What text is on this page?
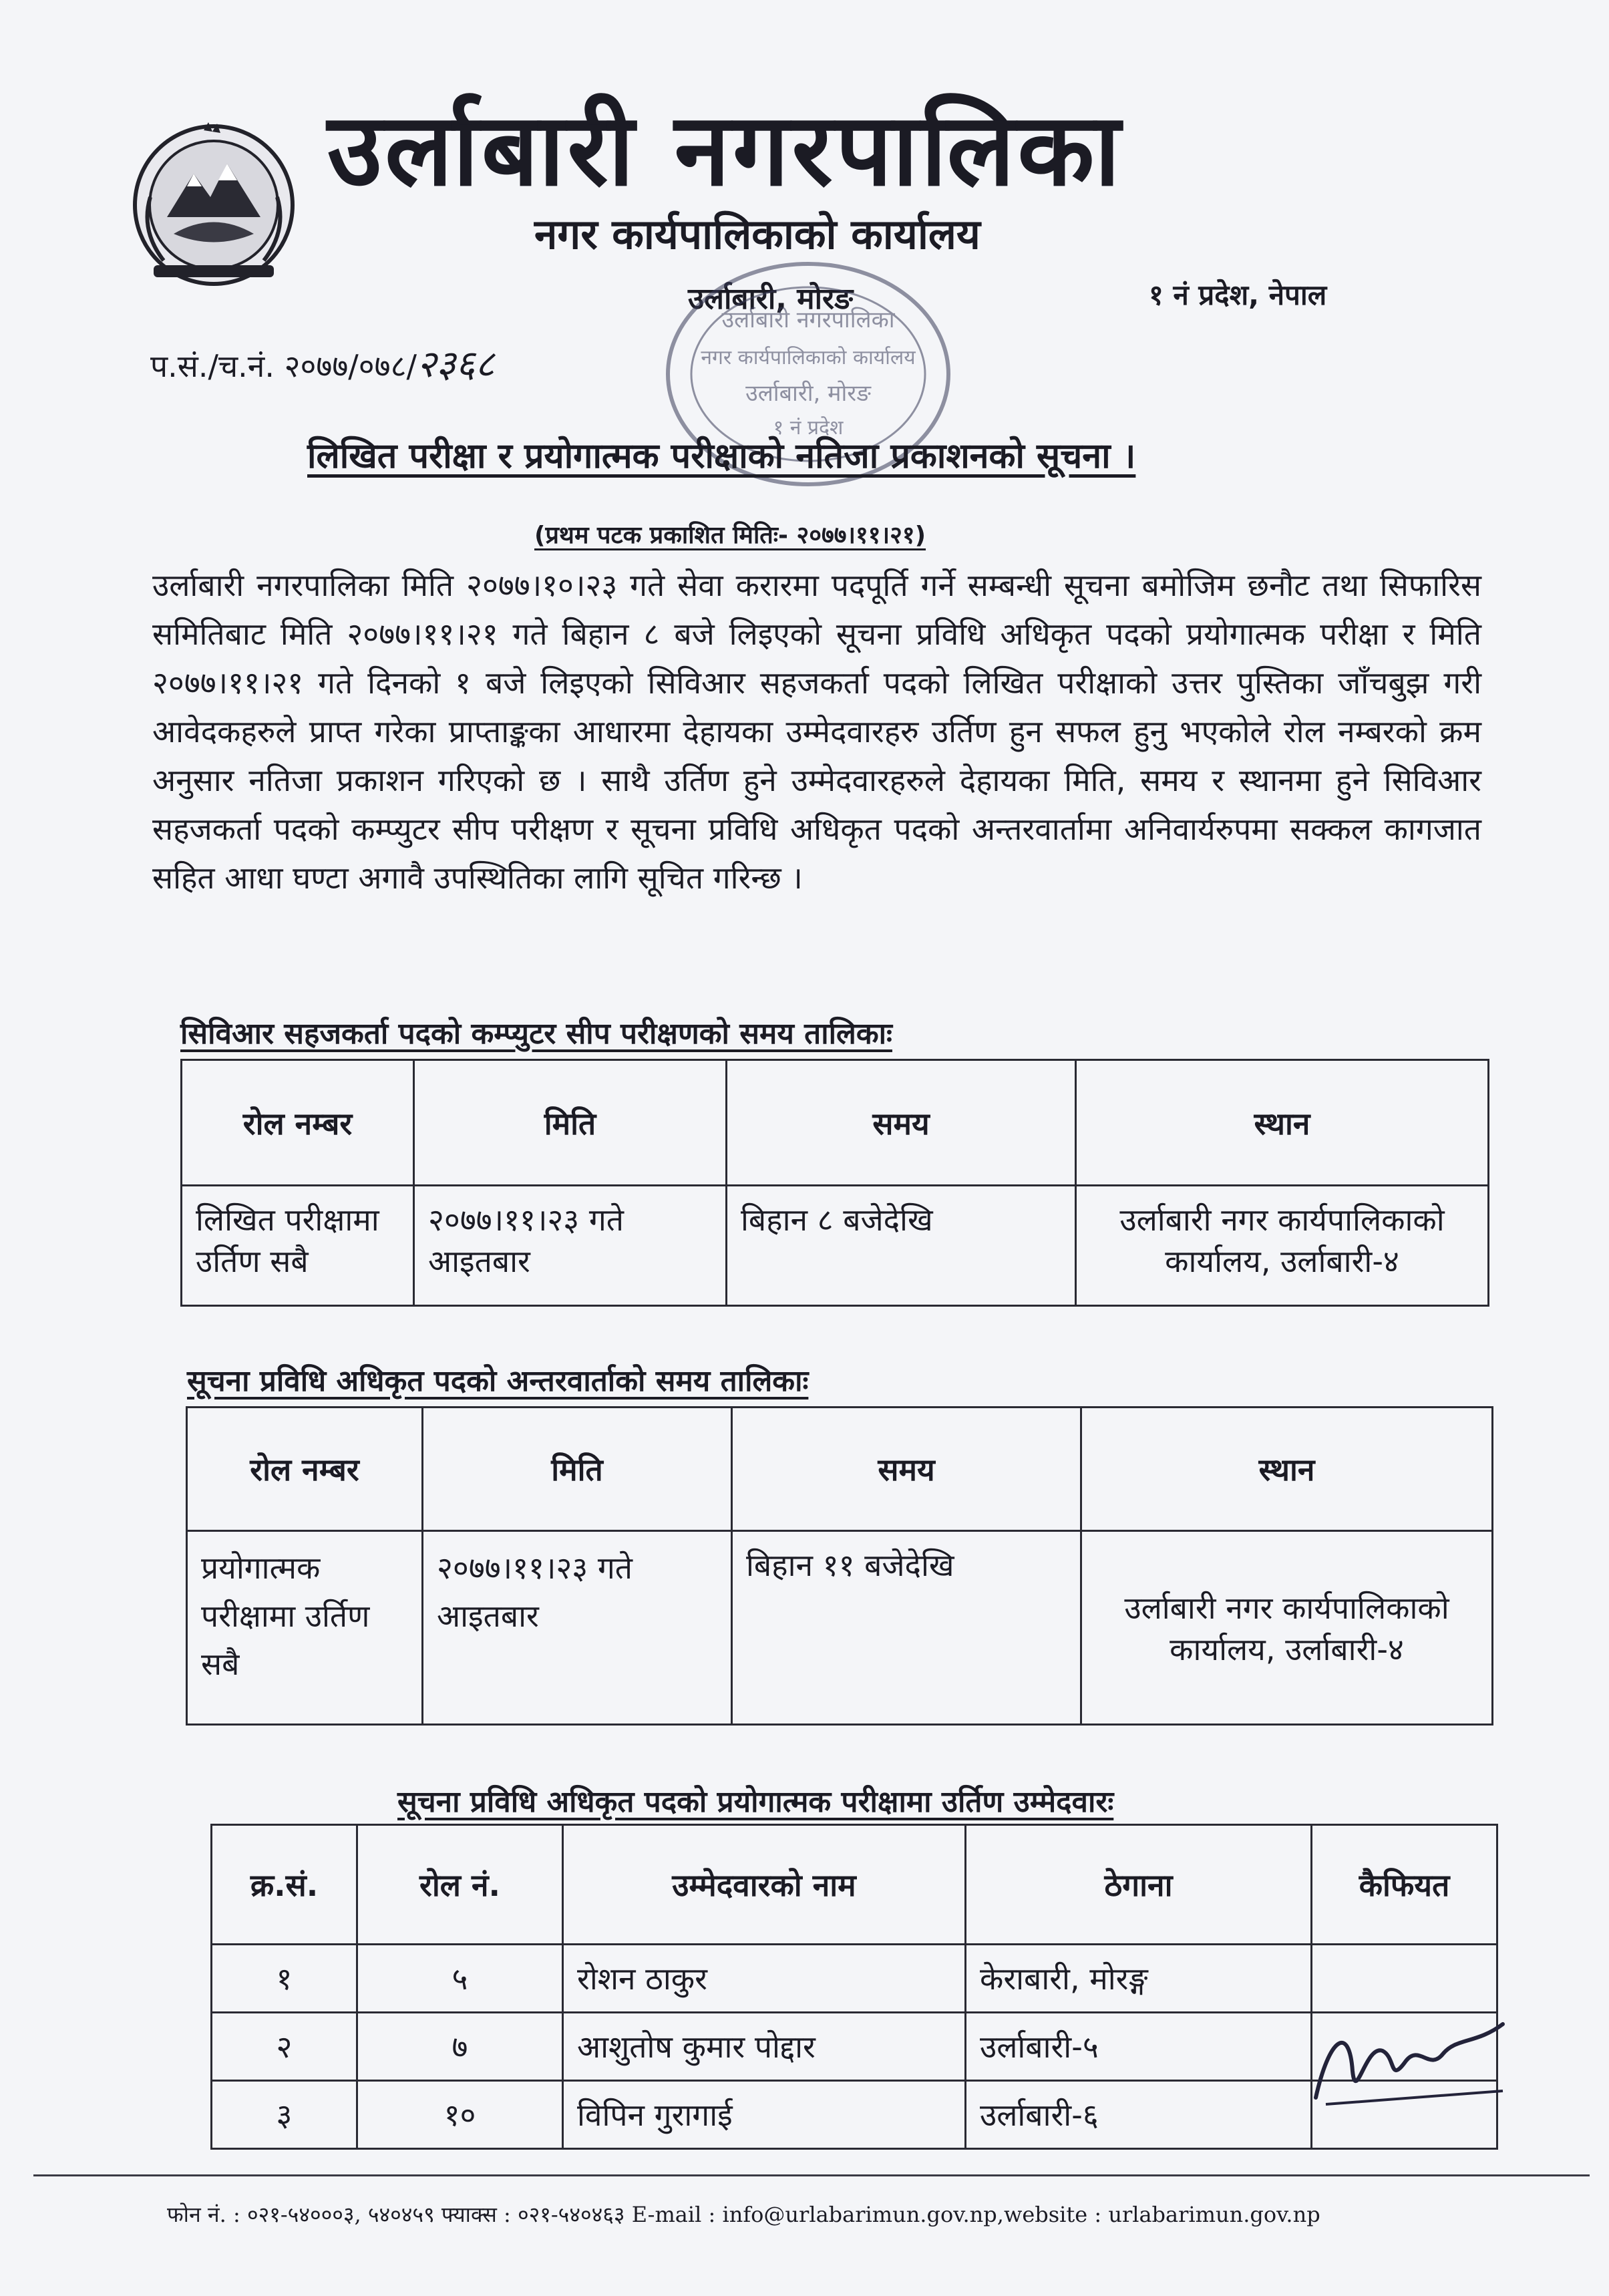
उर्लाबारी नगरपालिका
नगर कार्यपालिकाको कार्यालय
उर्लाबारी, मोरङ	१ नं प्रदेश, नेपाल
प.सं./च.नं. २०७७/०७८/२३६८
उर्लाबारी नगरपालिका
नगर कार्यपालिकाको कार्यालय
उर्लाबारी, मोरङ
१ नं प्रदेश
लिखित परीक्षा र प्रयोगात्मक परीक्षाको नतिजा प्रकाशनको सूचना ।
(प्रथम पटक प्रकाशित मितिः- २०७७।११।२१)
उर्लाबारी नगरपालिका मिति २०७७।१०।२३ गते सेवा करारमा पदपूर्ति गर्ने सम्बन्धी सूचना बमोजिम छनौट तथा सिफारिस समितिबाट मिति २०७७।११।२१ गते बिहान ८ बजे लिइएको सूचना प्रविधि अधिकृत पदको प्रयोगात्मक परीक्षा र मिति २०७७।११।२१ गते दिनको १ बजे लिइएको सिविआर सहजकर्ता पदको लिखित परीक्षाको उत्तर पुस्तिका जाँचबुझ गरी आवेदकहरुले प्राप्त गरेका प्राप्ताङ्कका आधारमा देहायका उम्मेदवारहरु उर्तिण हुन सफल हुनु भएकोले रोल नम्बरको क्रम अनुसार नतिजा प्रकाशन गरिएको छ । साथै उर्तिण हुने उम्मेदवारहरुले देहायका मिति, समय र स्थानमा हुने सिविआर सहजकर्ता पदको कम्प्युटर सीप परीक्षण र सूचना प्रविधि अधिकृत पदको अन्तरवार्तामा अनिवार्यरुपमा सक्कल कागजात सहित आधा घण्टा अगावै उपस्थितिका लागि सूचित गरिन्छ ।
सिविआर सहजकर्ता पदको कम्प्युटर सीप परीक्षणको समय तालिकाः
रोल नम्बर	मिति	समय	स्थान
लिखित परीक्षामा उर्तिण सबै	२०७७।११।२३ गते आइतबार	बिहान ८ बजेदेखि	उर्लाबारी नगर कार्यपालिकाको कार्यालय, उर्लाबारी-४
सूचना प्रविधि अधिकृत पदको अन्तरवार्ताको समय तालिकाः
रोल नम्बर	मिति	समय	स्थान
प्रयोगात्मक परीक्षामा उर्तिण सबै	२०७७।११।२३ गते आइतबार	बिहान ११ बजेदेखि	उर्लाबारी नगर कार्यपालिकाको कार्यालय, उर्लाबारी-४
सूचना प्रविधि अधिकृत पदको प्रयोगात्मक परीक्षामा उर्तिण उम्मेदवारः
क्र.सं.	रोल नं.	उम्मेदवारको नाम	ठेगाना	कैफियत
१	५	रोशन ठाकुर	केराबारी, मोरङ्ग	
२	७	आशुतोष कुमार पोद्दार	उर्लाबारी-५	
३	१०	विपिन गुरागाई	उर्लाबारी-६	
फोन नं. : ०२१-५४०००३, ५४०४५९ फ्याक्स : ०२१-५४०४६३ E-mail : info@urlabarimun.gov.np,website : urlabarimun.gov.np
